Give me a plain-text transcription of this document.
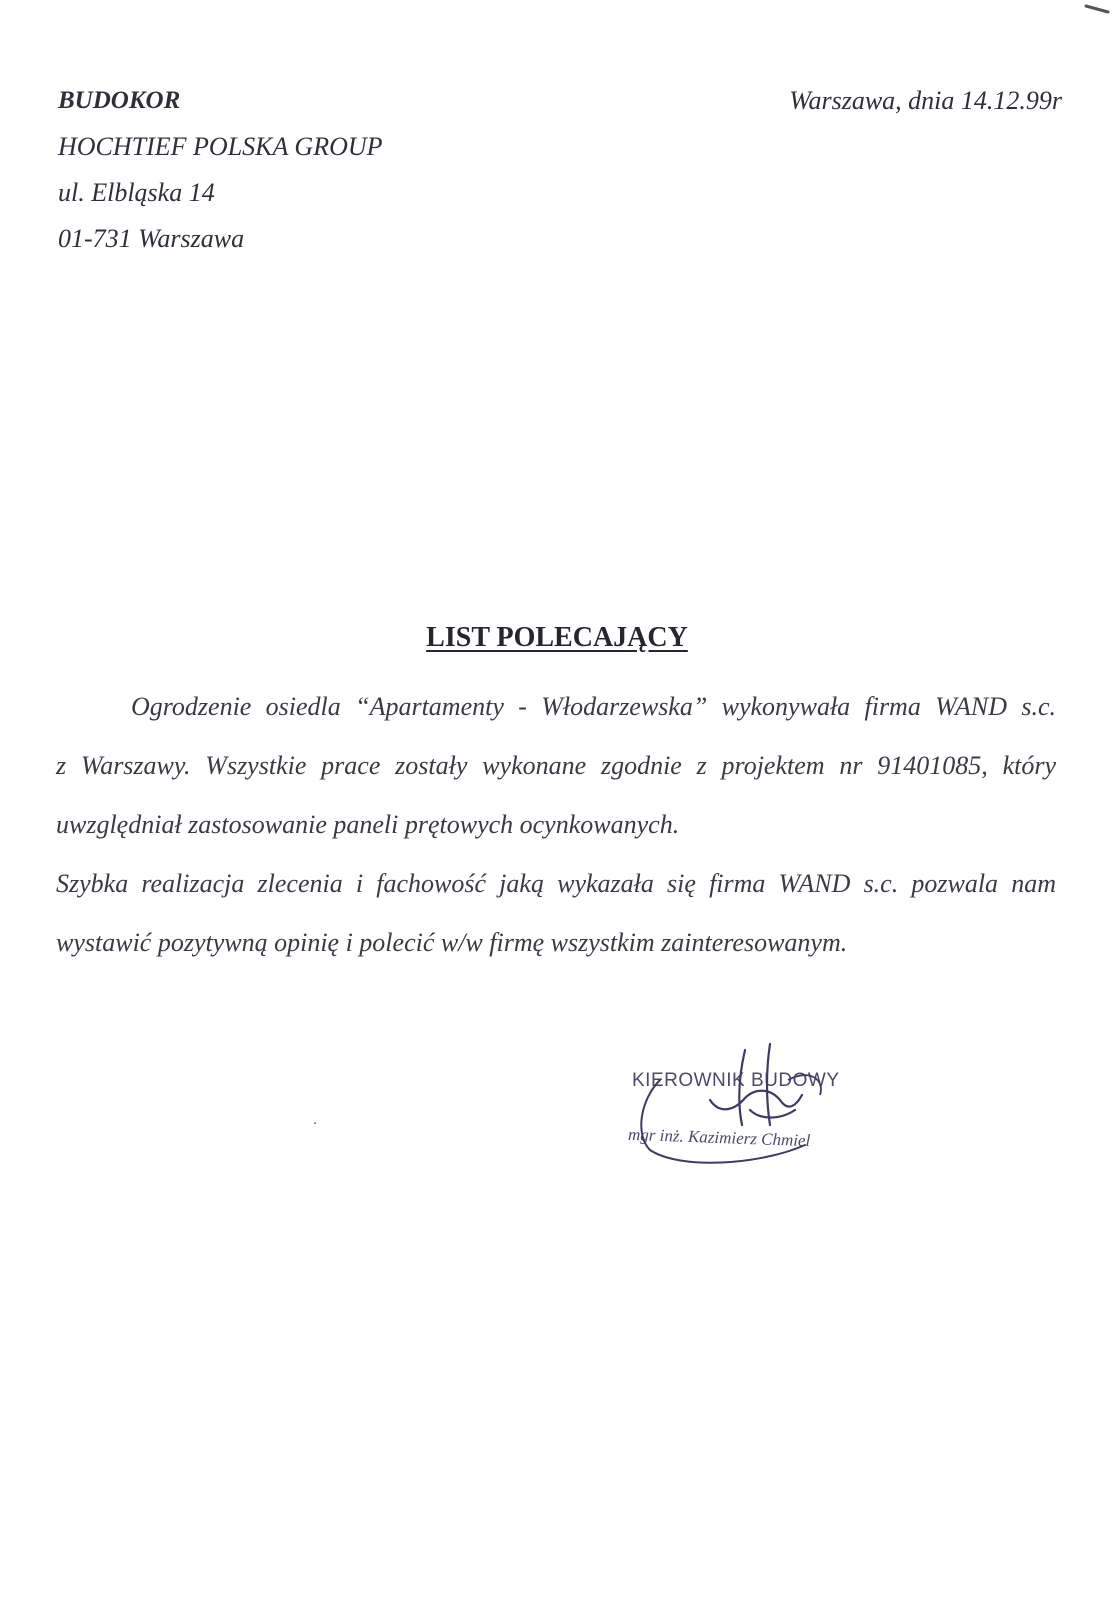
BUDOKOR
HOCHTIEF POLSKA GROUP
ul. Elbląska 14
01-731 Warszawa
Warszawa, dnia 14.12.99r
LIST POLECAJĄCY

Ogrodzenie osiedla “Apartamenty - Włodarzewska” wykonywała firma WAND s.c.

z Warszawy. Wszystkie prace zostały wykonane zgodnie z projektem nr 91401085, który

uwzględniał zastosowanie paneli prętowych ocynkowanych.

Szybka realizacja zlecenia i fachowość jaką wykazała się firma WAND s.c. pozwala nam

wystawić pozytywną opinię i polecić w/w firmę wszystkim zainteresowanym.

KIEROWNIK BUDOWY
mgr inż. Kazimierz Chmiel
